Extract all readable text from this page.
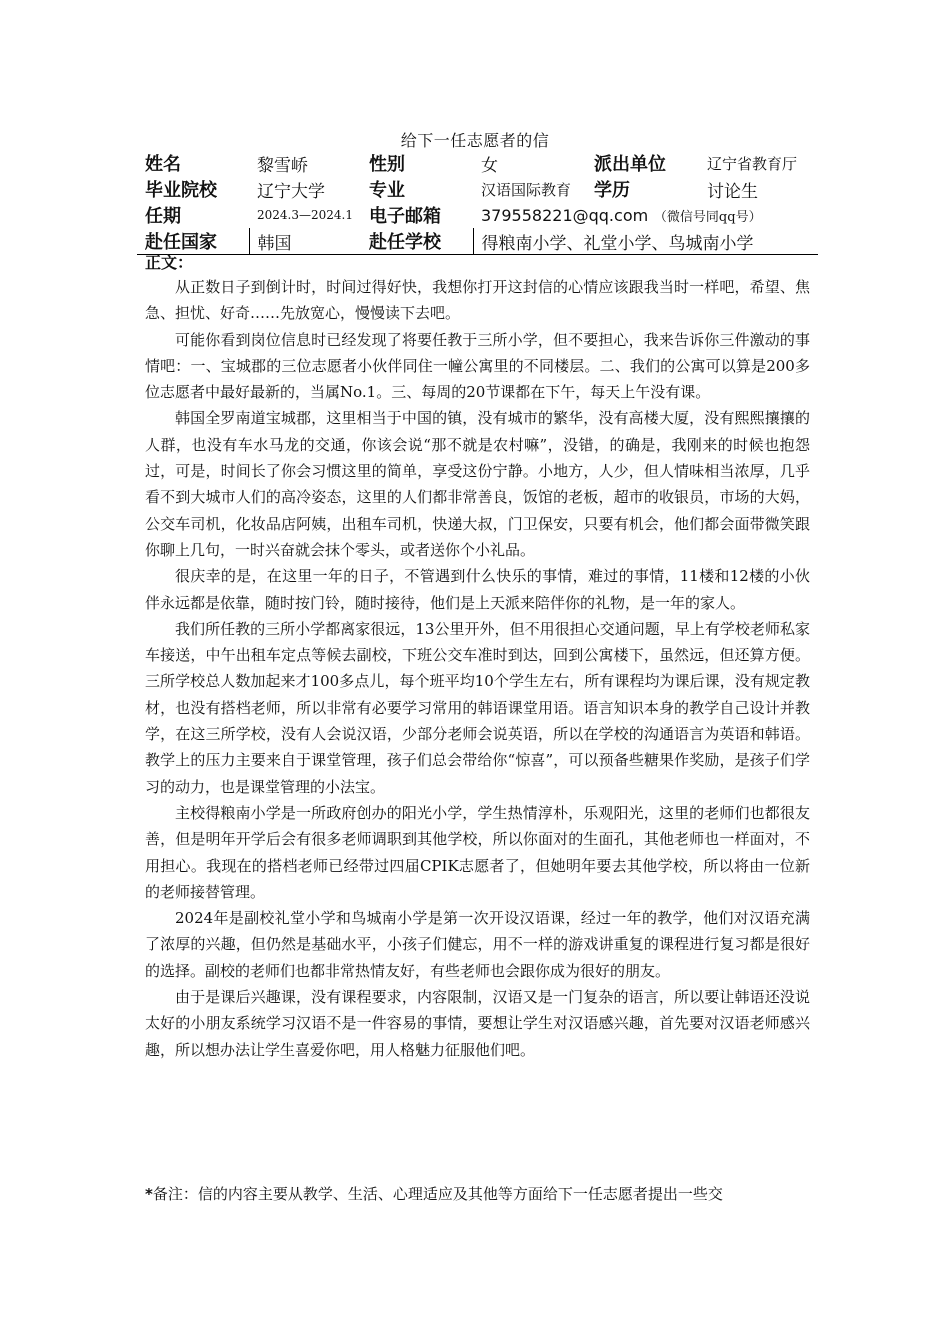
给下一任志愿者的信
姓名	黎雪峤	性别	女	派出单位	辽宁省教育厅
毕业院校	辽宁大学	专业	汉语国际教育	学历	讨论生
任期	2024.3—2024.1	电子邮箱	379558221@qq.com （微信号同qq号）		
赴任国家	韩国	赴任学校	得粮南小学、礼堂小学、鸟城南小学		
正文：

从正数日子到倒计时，时间过得好快，我想你打开这封信的心情应该跟我当时一样吧，希望、焦急、担忧、好奇……先放宽心，慢慢读下去吧。

可能你看到岗位信息时已经发现了将要任教于三所小学，但不要担心，我来告诉你三件激动的事情吧：一、宝城郡的三位志愿者小伙伴同住一幢公寓里的不同楼层。二、我们的公寓可以算是200多位志愿者中最好最新的，当属No.1。三、每周的20节课都在下午，每天上午没有课。

韩国全罗南道宝城郡，这里相当于中国的镇，没有城市的繁华，没有高楼大厦，没有熙熙攘攘的人群，也没有车水马龙的交通，你该会说“那不就是农村嘛”，没错，的确是，我刚来的时候也抱怨过，可是，时间长了你会习惯这里的简单，享受这份宁静。小地方，人少，但人情味相当浓厚，几乎看不到大城市人们的高冷姿态，这里的人们都非常善良，饭馆的老板，超市的收银员，市场的大妈，公交车司机，化妆品店阿姨，出租车司机，快递大叔，门卫保安，只要有机会，他们都会面带微笑跟你聊上几句，一时兴奋就会抹个零头，或者送你个小礼品。

很庆幸的是，在这里一年的日子，不管遇到什么快乐的事情，难过的事情，11楼和12楼的小伙伴永远都是依靠，随时按门铃，随时接待，他们是上天派来陪伴你的礼物，是一年的家人。

我们所任教的三所小学都离家很远，13公里开外，但不用很担心交通问题，早上有学校老师私家车接送，中午出租车定点等候去副校，下班公交车准时到达，回到公寓楼下，虽然远，但还算方便。三所学校总人数加起来才100多点儿，每个班平均10个学生左右，所有课程均为课后课，没有规定教材，也没有搭档老师，所以非常有必要学习常用的韩语课堂用语。语言知识本身的教学自己设计并教学，在这三所学校，没有人会说汉语，少部分老师会说英语，所以在学校的沟通语言为英语和韩语。教学上的压力主要来自于课堂管理，孩子们总会带给你“惊喜”，可以预备些糖果作奖励，是孩子们学习的动力，也是课堂管理的小法宝。

主校得粮南小学是一所政府创办的阳光小学，学生热情淳朴，乐观阳光，这里的老师们也都很友善，但是明年开学后会有很多老师调职到其他学校，所以你面对的生面孔，其他老师也一样面对，不用担心。我现在的搭档老师已经带过四届CPIK志愿者了，但她明年要去其他学校，所以将由一位新的老师接替管理。

2024年是副校礼堂小学和鸟城南小学是第一次开设汉语课，经过一年的教学，他们对汉语充满了浓厚的兴趣，但仍然是基础水平，小孩子们健忘，用不一样的游戏讲重复的课程进行复习都是很好的选择。副校的老师们也都非常热情友好，有些老师也会跟你成为很好的朋友。

由于是课后兴趣课，没有课程要求，内容限制，汉语又是一门复杂的语言，所以要让韩语还没说太好的小朋友系统学习汉语不是一件容易的事情，要想让学生对汉语感兴趣，首先要对汉语老师感兴趣，所以想办法让学生喜爱你吧，用人格魅力征服他们吧。

*备注：信的内容主要从教学、生活、心理适应及其他等方面给下一任志愿者提出一些交
